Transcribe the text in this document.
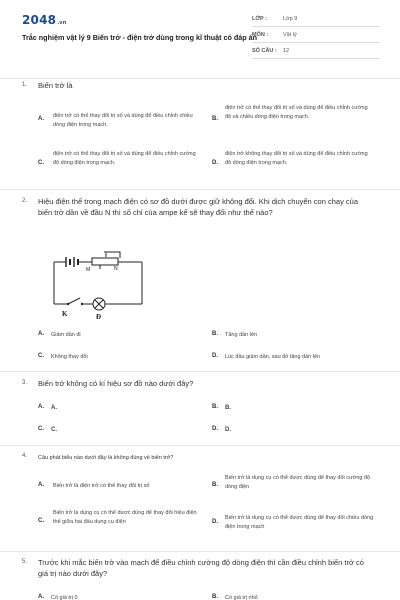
2048.vn
Trắc nghiệm vật lý 9 Biến trở - điện trở dùng trong kĩ thuật có đáp án
LỚP :	Lớp 9
MÔN :	Vật lý
SỐ CÂU : 12
1. Biến trở là
A. điện trở có thể thay đổi trị số và dùng để điều chỉnh chiều dòng điện trong mạch.
B.
điện trở có thể thay đổi trị số và dùng để điều chỉnh cường độ và chiều dòng điện trong mạch.
C.
điện trở có thể thay đổi trị số và dùng để điều chỉnh cường độ dòng điện trong mạch.	D.
điện trở không thay đổi trị số và dùng để điều chỉnh cường độ dòng điện trong mạch.
2. Hiệu điện thế trong mạch điện có sơ đồ dưới được giữ không đổi. Khi dịch chuyển con chạy của biến trở dần về đầu N thì số chỉ của ampe kế sẽ thay đổi như thế nào?
M	N
K	Đ
A. Giảm dần đi	B. Tăng dần lên
C. Không thay đổi	D. Lúc đầu giảm dần, sau đó tăng dần lên
3. Biến trở không có kí hiệu sơ đồ nào dưới đây?
A. A.	B. B.
C. C.	D. D.
4. Câu phát biểu nào dưới đây là không đúng về biến trở?
A. Biến trở là điện trở có thể thay đổi trị số	B.
Biến trở là dụng cụ có thể được dùng để thay đổi cường độ dòng điện
C.
Biến trở là dụng cụ có thể được dùng để thay đổi hiệu điện thế giữa hai đầu dụng cụ điện	D.
Biến trở là dụng cụ có thể được dùng để thay đổi chiều dòng điện trong mạch
5. Trước khi mắc biến trở vào mạch để điều chỉnh cường độ dòng điện thì cần điều chỉnh biến trở có giá trị nào dưới đây?
A. Có giá trị 0	B. Có giá trị nhỏ
